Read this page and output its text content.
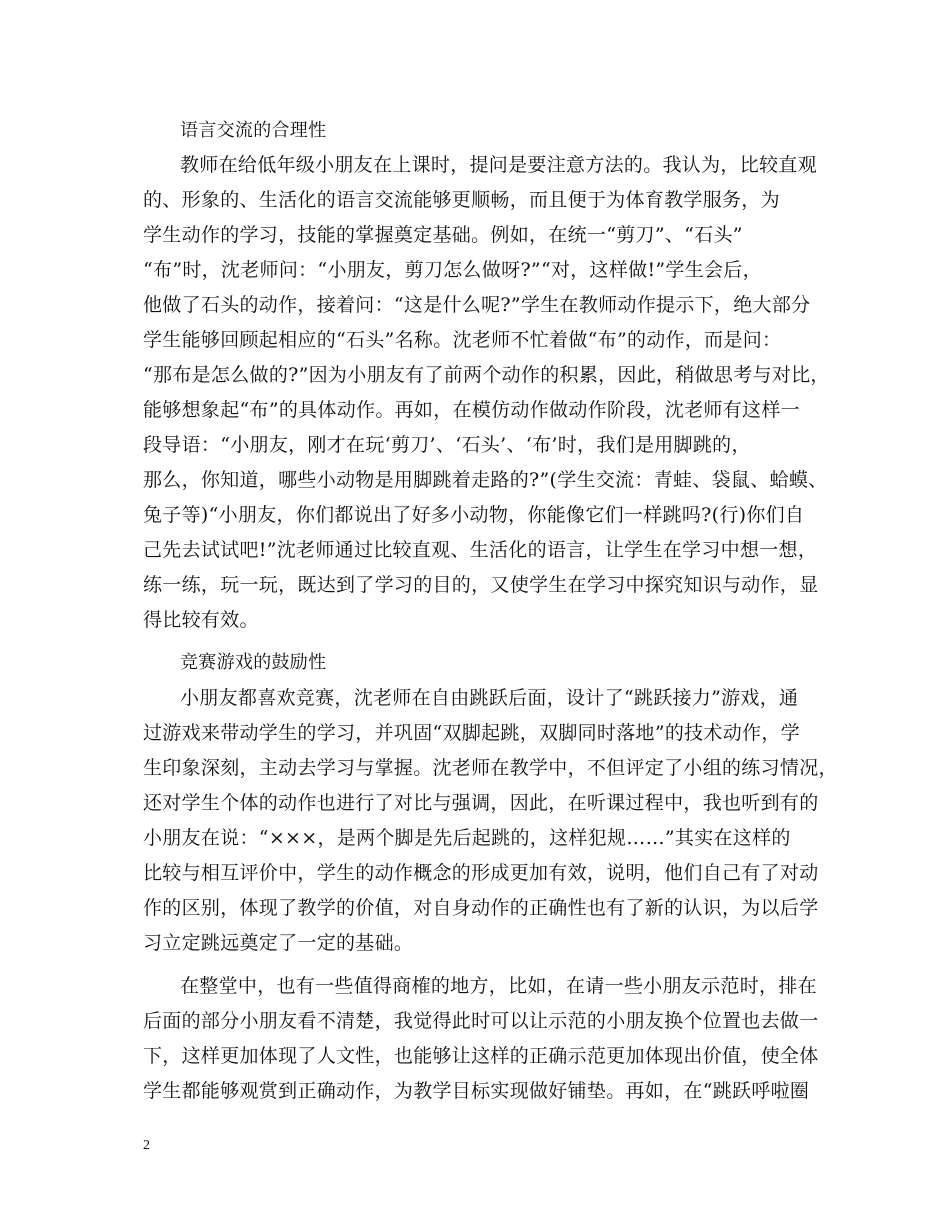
语言交流的合理性
教师在给低年级小朋友在上课时，提问是要注意方法的。我认为，比较直观
的、形象的、生活化的语言交流能够更顺畅，而且便于为体育教学服务，为
学生动作的学习，技能的掌握奠定基础。例如，在统一“剪刀”、“石头”
“布”时，沈老师问：“小朋友，剪刀怎么做呀?”“对，这样做!”学生会后，
他做了石头的动作，接着问：“这是什么呢?”学生在教师动作提示下，绝大部分
学生能够回顾起相应的“石头”名称。沈老师不忙着做“布”的动作，而是问：
“那布是怎么做的?”因为小朋友有了前两个动作的积累，因此，稍做思考与对比，
能够想象起“布”的具体动作。再如，在模仿动作做动作阶段，沈老师有这样一
段导语：“小朋友，刚才在玩‘剪刀’、‘石头’、‘布’时，我们是用脚跳的，
那么，你知道，哪些小动物是用脚跳着走路的?”(学生交流：青蛙、袋鼠、蛤蟆、
兔子等)“小朋友，你们都说出了好多小动物，你能像它们一样跳吗?(行)你们自
己先去试试吧!”沈老师通过比较直观、生活化的语言，让学生在学习中想一想，
练一练，玩一玩，既达到了学习的目的，又使学生在学习中探究知识与动作，显
得比较有效。
竞赛游戏的鼓励性
小朋友都喜欢竞赛，沈老师在自由跳跃后面，设计了“跳跃接力”游戏，通
过游戏来带动学生的学习，并巩固“双脚起跳，双脚同时落地”的技术动作，学
生印象深刻，主动去学习与掌握。沈老师在教学中，不但评定了小组的练习情况，
还对学生个体的动作也进行了对比与强调，因此，在听课过程中，我也听到有的
小朋友在说：“×××，是两个脚是先后起跳的，这样犯规……”其实在这样的
比较与相互评价中，学生的动作概念的形成更加有效，说明，他们自己有了对动
作的区别，体现了教学的价值，对自身动作的正确性也有了新的认识，为以后学
习立定跳远奠定了一定的基础。
在整堂中，也有一些值得商榷的地方，比如，在请一些小朋友示范时，排在
后面的部分小朋友看不清楚，我觉得此时可以让示范的小朋友换个位置也去做一
下，这样更加体现了人文性，也能够让这样的正确示范更加体现出价值，使全体
学生都能够观赏到正确动作，为教学目标实现做好铺垫。再如，在“跳跃呼啦圈
2
